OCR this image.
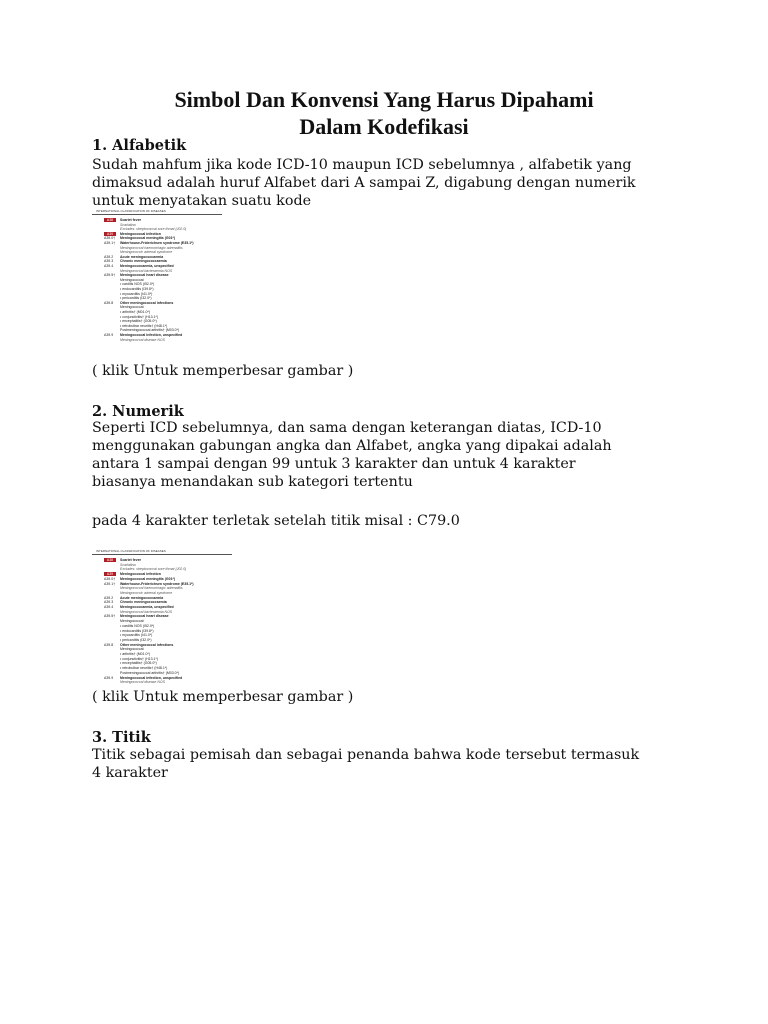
Simbol Dan Konvensi Yang Harus Dipahami
Dalam Kodefikasi
1. Alfabetik
Sudah mahfum jika kode ICD-10 maupun ICD sebelumnya , alfabetik yang
dimaksud adalah huruf Alfabet dari A sampai Z, digabung dengan numerik
untuk menyatakan suatu kode
INTERNATIONAL CLASSIFICATION OF DISEASES
A38	Scarlet fever
Scarlatina
Excludes: streptococcal sore throat (J02.0)
A39	Meningococcal infection
A39.0† Meningococcal meningitis (G01*)
A39.1† Waterhouse-Friderichsen syndrome (E35.1*)
Meningococcal haemorrhagic adrenalitis
Meningococcic adrenal syndrome
A39.2	Acute meningococcaemia
A39.3	Chronic meningococcaemia
A39.4	Meningococcaemia, unspecified
Meningococcal bacteraemia NOS
A39.5† Meningococcal heart disease
Meningococcal:
• carditis NOS (I52.0*)
• endocarditis (I39.8*)
• myocarditis (I41.0*)
• pericarditis (I32.0*)
A39.8	Other meningococcal infections
Meningococcal:
• arthritis† (M01.0*)
• conjunctivitis† (H13.1*)
• encephalitis† (G05.0*)
• retrobulbar neuritis† (H48.1*)
Postmeningococcal arthritis† (M03.0*)
A39.9	Meningococcal infection, unspecified
Meningococcal disease NOS
( klik Untuk memperbesar gambar )
2. Numerik
Seperti ICD sebelumnya, dan sama dengan keterangan diatas, ICD-10
menggunakan gabungan angka dan Alfabet, angka yang dipakai adalah
antara 1 sampai dengan 99 untuk 3 karakter dan untuk 4 karakter
biasanya menandakan sub kategori tertentu
pada 4 karakter terletak setelah titik misal : C79.0
INTERNATIONAL CLASSIFICATION OF DISEASES
A38	Scarlet fever
Scarlatina
Excludes: streptococcal sore throat (J02.0)
A39	Meningococcal infection
A39.0† Meningococcal meningitis (G01*)
A39.1† Waterhouse-Friderichsen syndrome (E35.1*)
Meningococcal haemorrhagic adrenalitis
Meningococcic adrenal syndrome
A39.2	Acute meningococcaemia
A39.3	Chronic meningococcaemia
A39.4	Meningococcaemia, unspecified
Meningococcal bacteraemia NOS
A39.5† Meningococcal heart disease
Meningococcal:
• carditis NOS (I52.0*)
• endocarditis (I39.8*)
• myocarditis (I41.0*)
• pericarditis (I32.0*)
A39.8	Other meningococcal infections
Meningococcal:
• arthritis† (M01.0*)
• conjunctivitis† (H13.1*)
• encephalitis† (G05.0*)
• retrobulbar neuritis† (H48.1*)
Postmeningococcal arthritis† (M03.0*)
A39.9	Meningococcal infection, unspecified
Meningococcal disease NOS
( klik Untuk memperbesar gambar )
3. Titik
Titik sebagai pemisah dan sebagai penanda bahwa kode tersebut termasuk
4 karakter
